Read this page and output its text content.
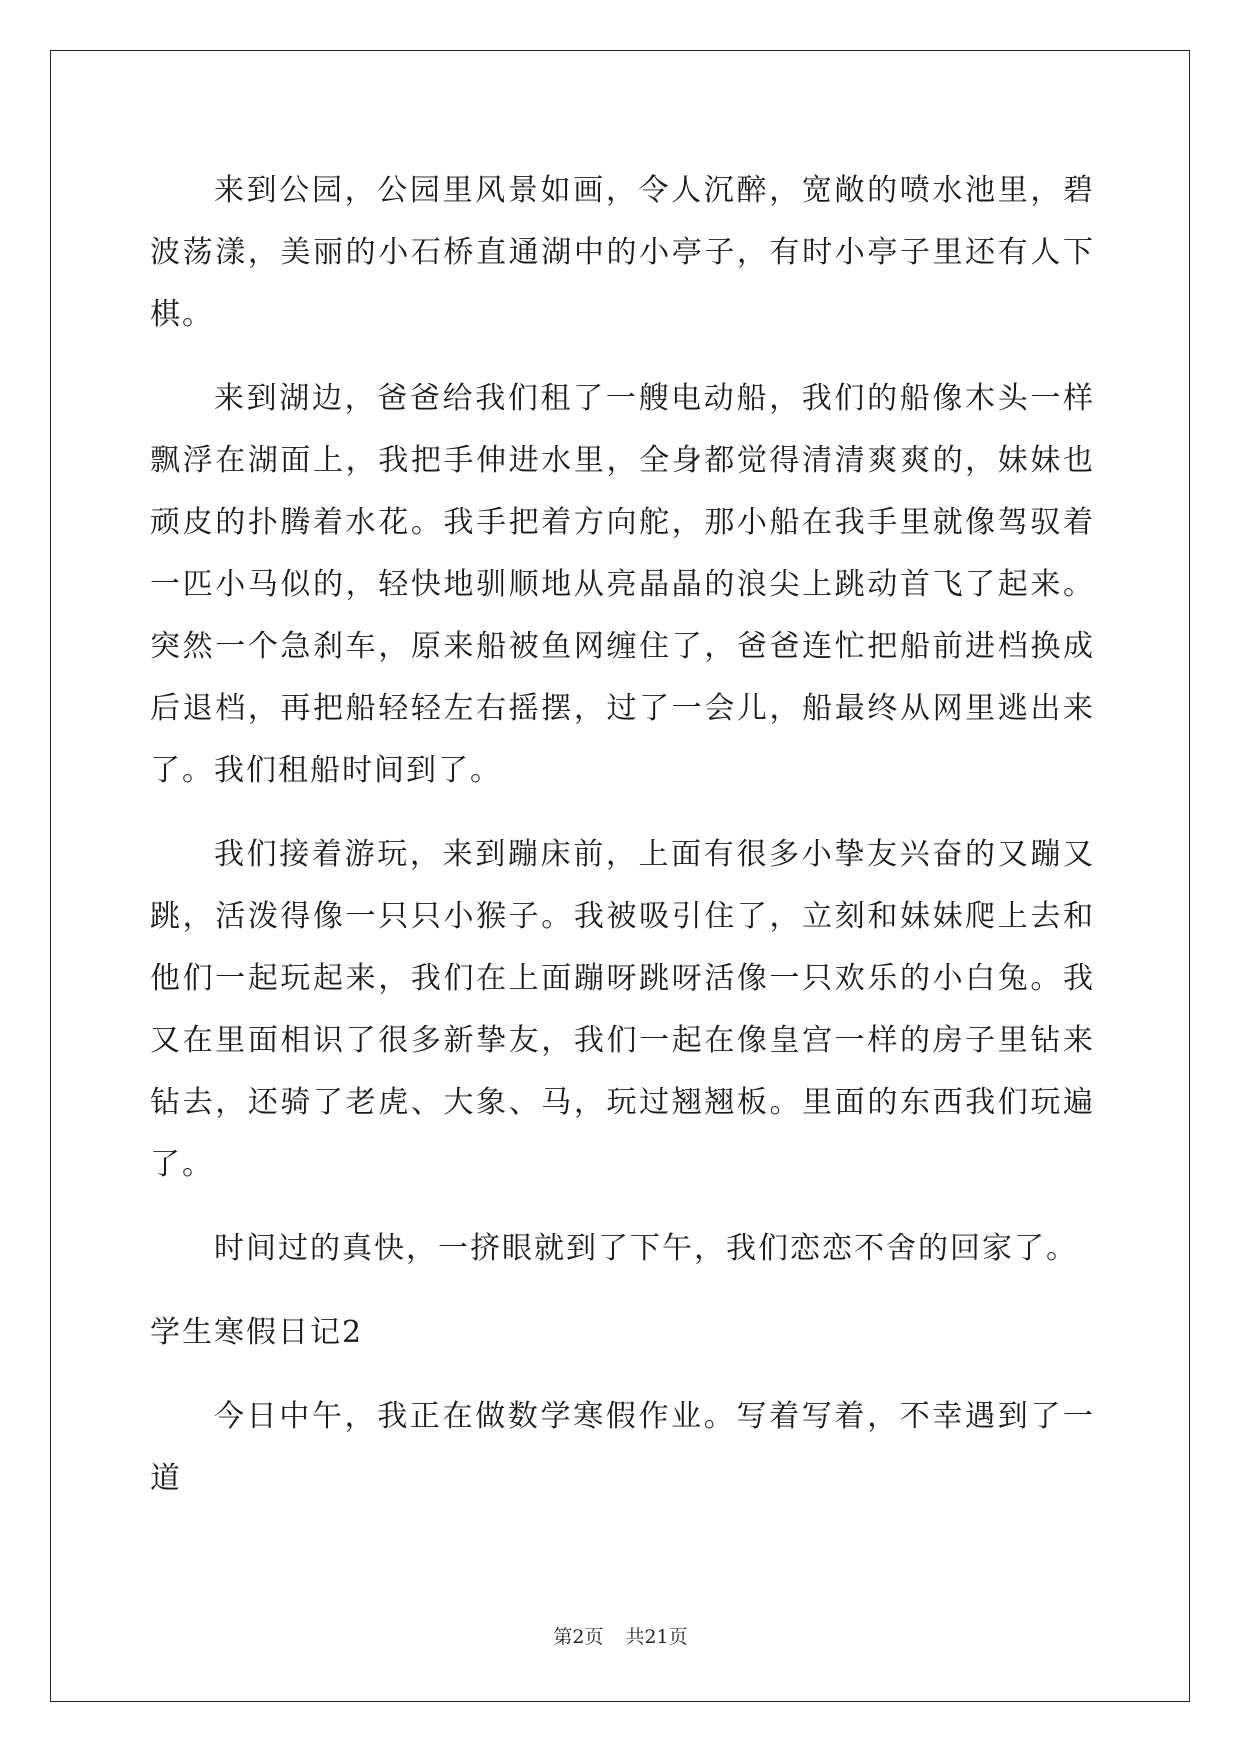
来到公园，公园里风景如画，令人沉醉，宽敞的喷水池里，碧波荡漾，美丽的小石桥直通湖中的小亭子，有时小亭子里还有人下棋。

来到湖边，爸爸给我们租了一艘电动船，我们的船像木头一样飘浮在湖面上，我把手伸进水里，全身都觉得清清爽爽的，妹妹也顽皮的扑腾着水花。我手把着方向舵，那小船在我手里就像驾驭着一匹小马似的，轻快地驯顺地从亮晶晶的浪尖上跳动首飞了起来。突然一个急刹车，原来船被鱼网缠住了，爸爸连忙把船前进档换成后退档，再把船轻轻左右摇摆，过了一会儿，船最终从网里逃出来了。我们租船时间到了。

我们接着游玩，来到蹦床前，上面有很多小挚友兴奋的又蹦又跳，活泼得像一只只小猴子。我被吸引住了，立刻和妹妹爬上去和他们一起玩起来，我们在上面蹦呀跳呀活像一只欢乐的小白兔。我又在里面相识了很多新挚友，我们一起在像皇宫一样的房子里钻来钻去，还骑了老虎、大象、马，玩过翘翘板。里面的东西我们玩遍了。

时间过的真快，一挤眼就到了下午，我们恋恋不舍的回家了。

学生寒假日记2

今日中午，我正在做数学寒假作业。写着写着，不幸遇到了一道

第2页 共21页
